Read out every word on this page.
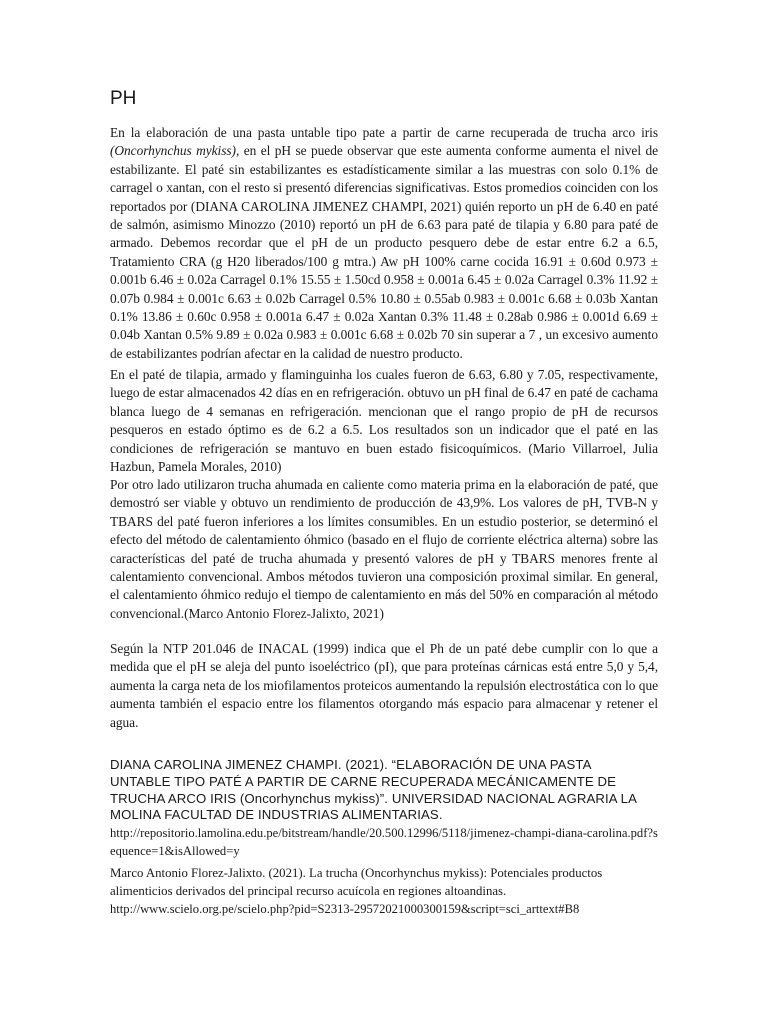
PH

En la elaboración de una pasta untable tipo pate a partir de carne recuperada de trucha arco iris (Oncorhynchus mykiss), en el pH se puede observar que este aumenta conforme aumenta el nivel de estabilizante. El paté sin estabilizantes es estadísticamente similar a las muestras con solo 0.1% de carragel o xantan, con el resto si presentó diferencias significativas. Estos promedios coinciden con los reportados por (DIANA CAROLINA JIMENEZ CHAMPI, 2021) quién reporto un pH de 6.40 en paté de salmón, asimismo Minozzo (2010) reportó un pH de 6.63 para paté de tilapia y 6.80 para paté de armado. Debemos recordar que el pH de un producto pesquero debe de estar entre 6.2 a 6.5, Tratamiento CRA (g H20 liberados/100 g mtra.) Aw pH 100% carne cocida 16.91 ± 0.60d 0.973 ± 0.001b 6.46 ± 0.02a Carragel 0.1% 15.55 ± 1.50cd 0.958 ± 0.001a 6.45 ± 0.02a Carragel 0.3% 11.92 ± 0.07b 0.984 ± 0.001c 6.63 ± 0.02b Carragel 0.5% 10.80 ± 0.55ab 0.983 ± 0.001c 6.68 ± 0.03b Xantan 0.1% 13.86 ± 0.60c 0.958 ± 0.001a 6.47 ± 0.02a Xantan 0.3% 11.48 ± 0.28ab 0.986 ± 0.001d 6.69 ± 0.04b Xantan 0.5% 9.89 ± 0.02a 0.983 ± 0.001c 6.68 ± 0.02b 70 sin superar a 7 , un excesivo aumento de estabilizantes podrían afectar en la calidad de nuestro producto.

En el paté de tilapia, armado y flaminguinha los cuales fueron de 6.63, 6.80 y 7.05, respectivamente, luego de estar almacenados 42 días en en refrigeración. obtuvo un pH final de 6.47 en paté de cachama blanca luego de 4 semanas en refrigeración. mencionan que el rango propio de pH de recursos pesqueros en estado óptimo es de 6.2 a 6.5. Los resultados son un indicador que el paté en las condiciones de refrigeración se mantuvo en buen estado fisicoquímicos. (Mario Villarroel, Julia Hazbun, Pamela Morales, 2010)

Por otro lado utilizaron trucha ahumada en caliente como materia prima en la elaboración de paté, que demostró ser viable y obtuvo un rendimiento de producción de 43,9%. Los valores de pH, TVB-N y TBARS del paté fueron inferiores a los límites consumibles. En un estudio posterior, se determinó el efecto del método de calentamiento óhmico (basado en el flujo de corriente eléctrica alterna) sobre las características del paté de trucha ahumada y presentó valores de pH y TBARS menores frente al calentamiento convencional. Ambos métodos tuvieron una composición proximal similar. En general, el calentamiento óhmico redujo el tiempo de calentamiento en más del 50% en comparación al método convencional.(Marco Antonio Florez-Jalixto, 2021)

Según la NTP 201.046 de INACAL (1999) indica que el Ph de un paté debe cumplir con lo que a medida que el pH se aleja del punto isoeléctrico (pI), que para proteínas cárnicas está entre 5,0 y 5,4, aumenta la carga neta de los miofilamentos proteicos aumentando la repulsión electrostática con lo que aumenta también el espacio entre los filamentos otorgando más espacio para almacenar y retener el agua.

DIANA CAROLINA JIMENEZ CHAMPI. (2021). “ELABORACIÓN DE UNA PASTA UNTABLE TIPO PATÉ A PARTIR DE CARNE RECUPERADA MECÁNICAMENTE DE TRUCHA ARCO IRIS (Oncorhynchus mykiss)”. UNIVERSIDAD NACIONAL AGRARIA LA MOLINA FACULTAD DE INDUSTRIAS ALIMENTARIAS.

http://repositorio.lamolina.edu.pe/bitstream/handle/20.500.12996/5118/jimenez-champi-diana-carolina.pdf?sequence=1&isAllowed=y

Marco Antonio Florez-Jalixto. (2021). La trucha (Oncorhynchus mykiss): Potenciales productos alimenticios derivados del principal recurso acuícola en regiones altoandinas.

http://www.scielo.org.pe/scielo.php?pid=S2313-29572021000300159&script=sci_arttext#B8
